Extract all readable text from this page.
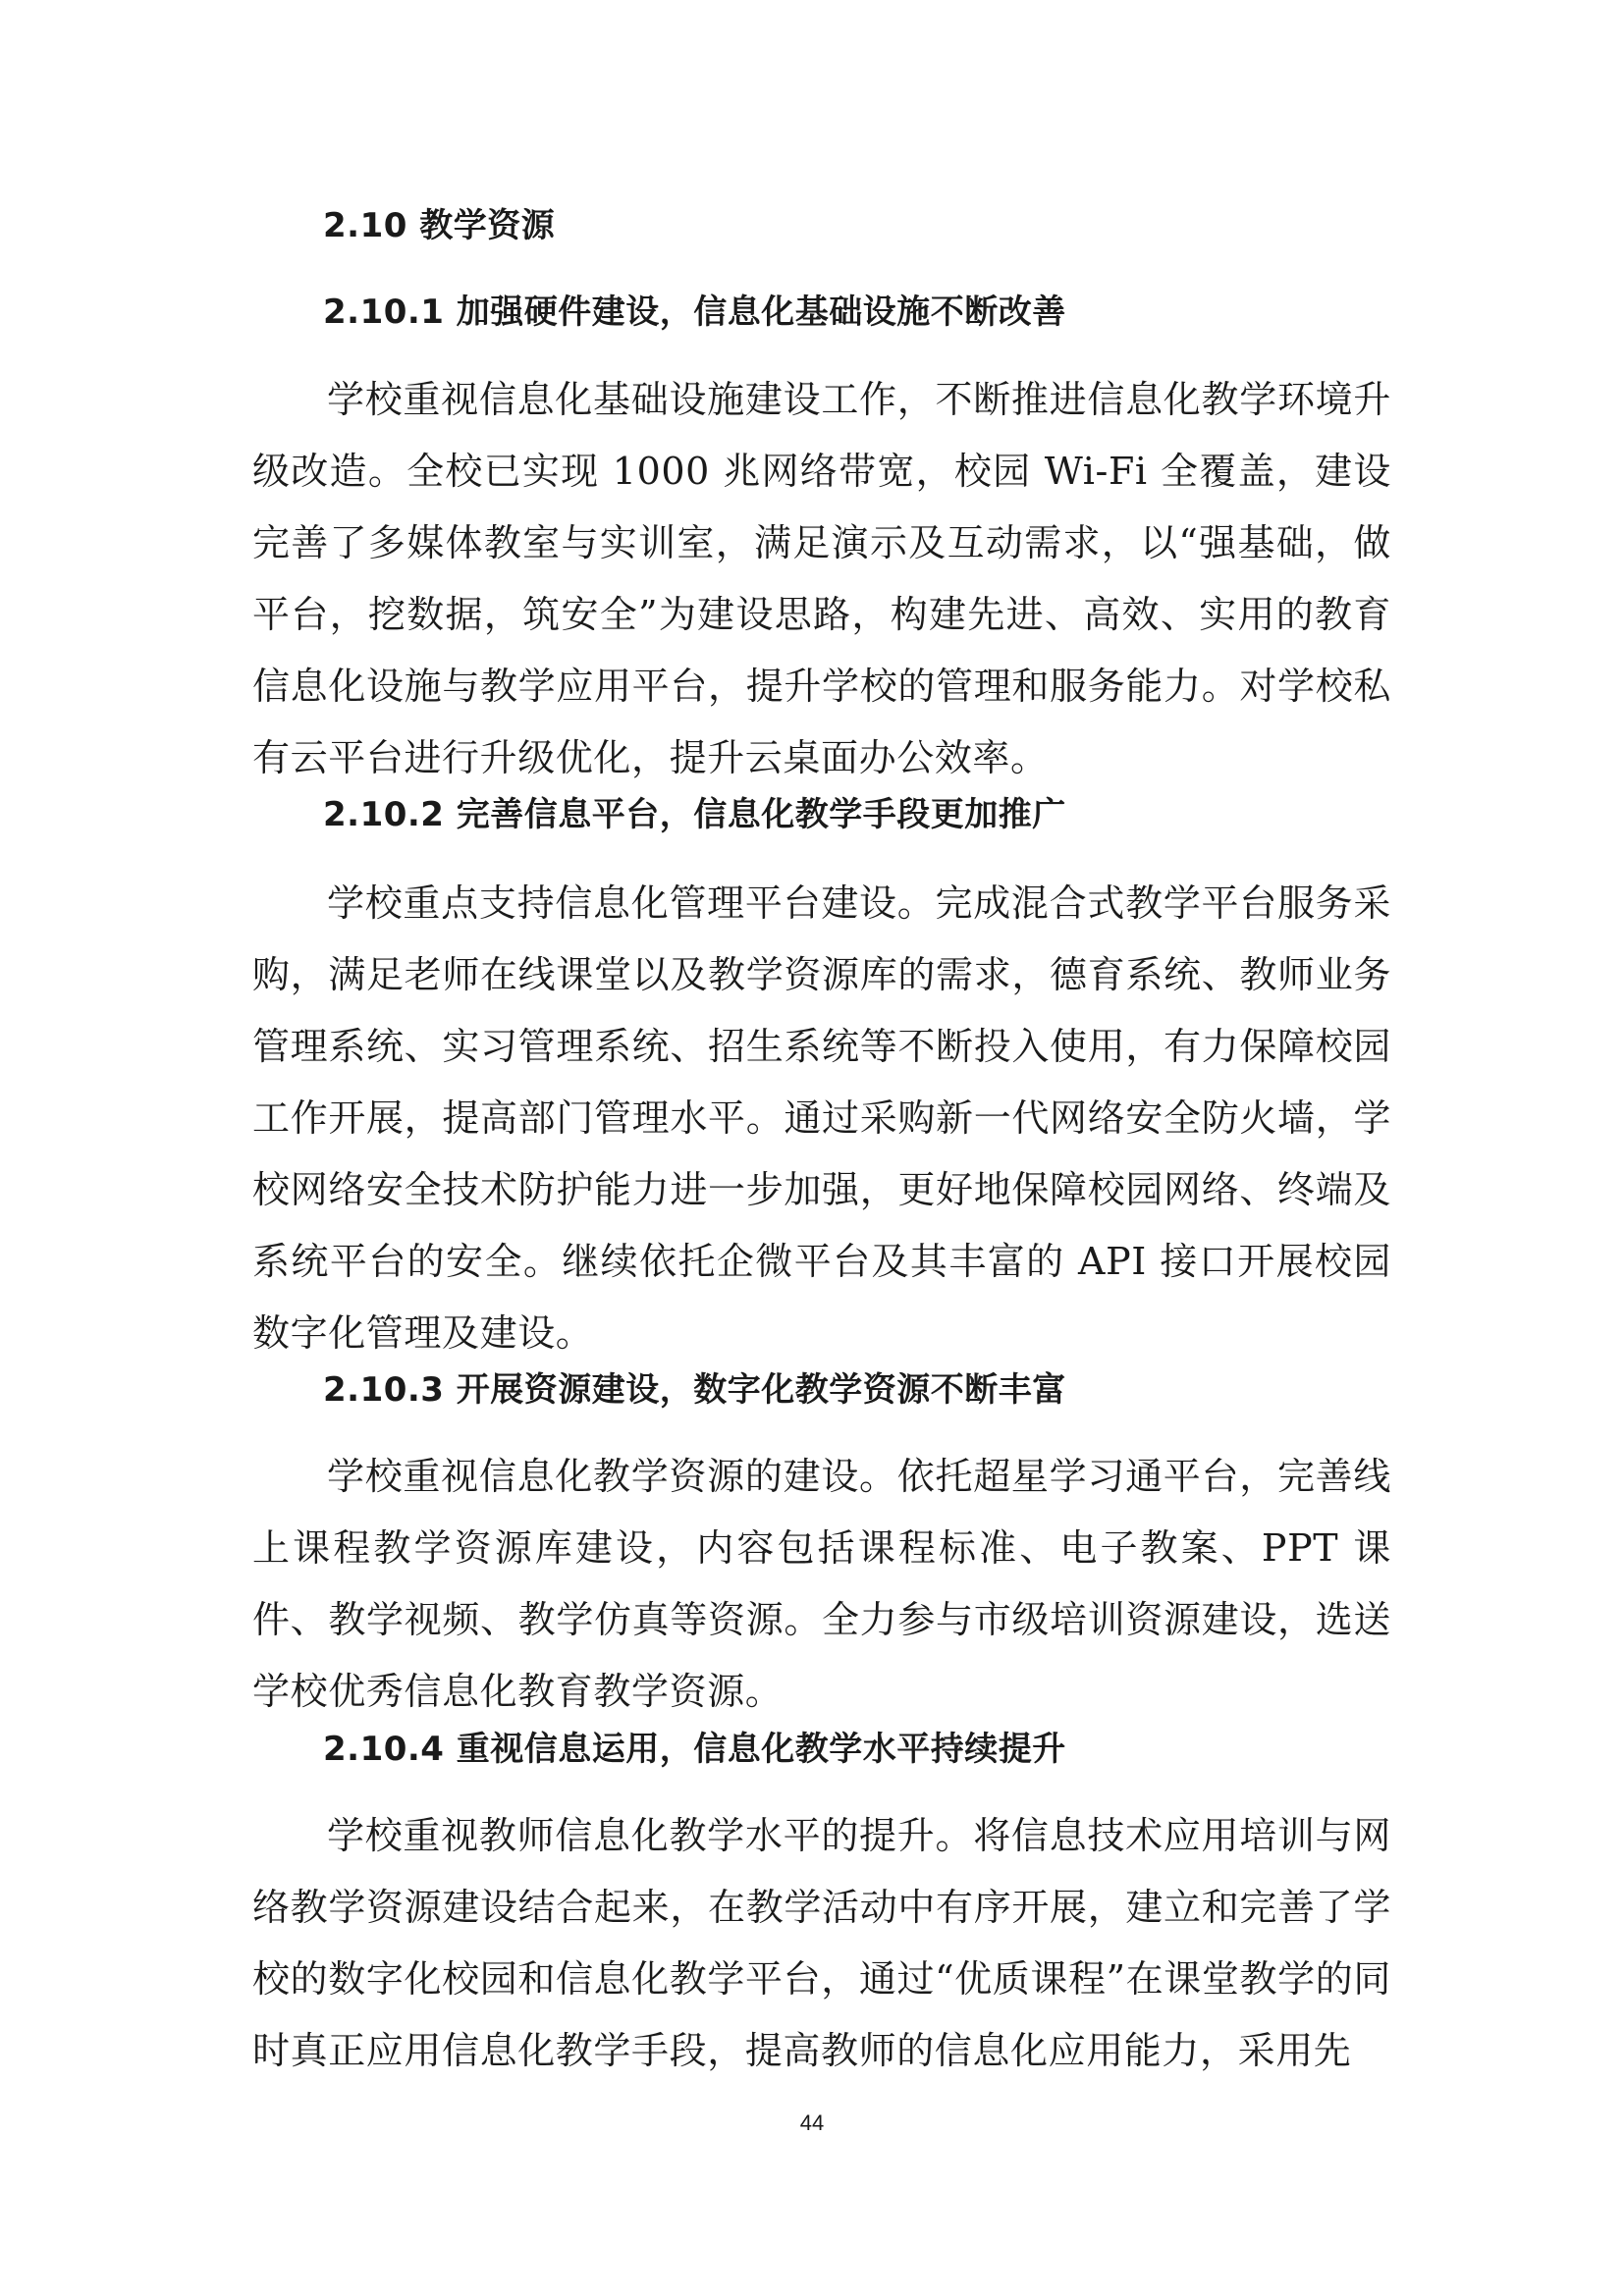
2.10 教学资源
2.10.1 加强硬件建设，信息化基础设施不断改善
学校重视信息化基础设施建设工作，不断推进信息化教学环境升级改造。全校已实现 1000 兆网络带宽，校园 Wi-Fi 全覆盖，建设完善了多媒体教室与实训室，满足演示及互动需求，以“强基础，做平台，挖数据，筑安全”为建设思路，构建先进、高效、实用的教育信息化设施与教学应用平台，提升学校的管理和服务能力。对学校私有云平台进行升级优化，提升云桌面办公效率。
2.10.2 完善信息平台，信息化教学手段更加推广
学校重点支持信息化管理平台建设。完成混合式教学平台服务采购，满足老师在线课堂以及教学资源库的需求，德育系统、教师业务管理系统、实习管理系统、招生系统等不断投入使用，有力保障校园工作开展，提高部门管理水平。通过采购新一代网络安全防火墙，学校网络安全技术防护能力进一步加强，更好地保障校园网络、终端及系统平台的安全。继续依托企微平台及其丰富的 API 接口开展校园数字化管理及建设。
2.10.3 开展资源建设，数字化教学资源不断丰富
学校重视信息化教学资源的建设。依托超星学习通平台，完善线上课程教学资源库建设，内容包括课程标准、电子教案、PPT 课件、教学视频、教学仿真等资源。全力参与市级培训资源建设，选送学校优秀信息化教育教学资源。
2.10.4 重视信息运用，信息化教学水平持续提升
学校重视教师信息化教学水平的提升。将信息技术应用培训与网络教学资源建设结合起来，在教学活动中有序开展，建立和完善了学校的数字化校园和信息化教学平台，通过“优质课程”在课堂教学的同时真正应用信息化教学手段，提高教师的信息化应用能力，采用先
44
